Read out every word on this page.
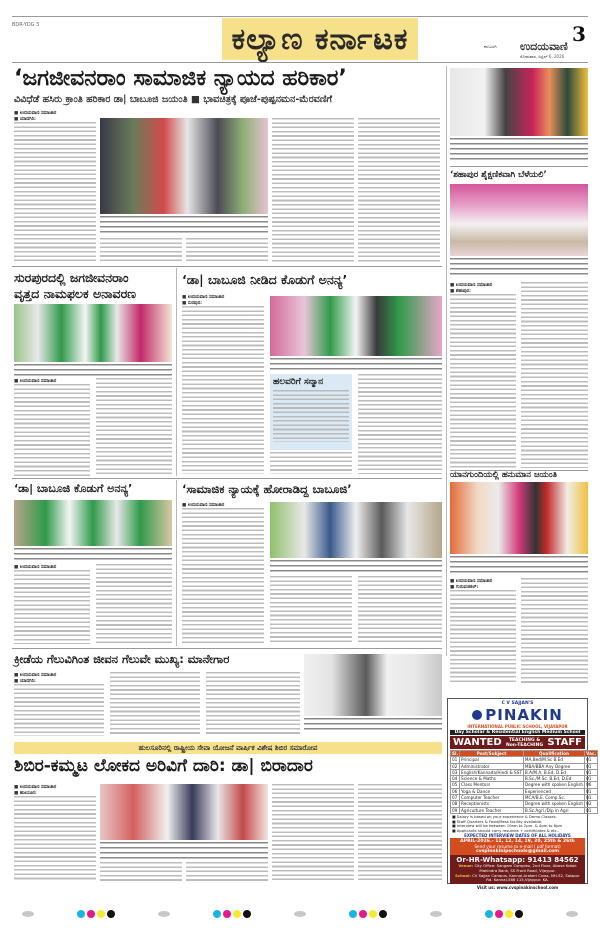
BDR-YDG 3	ಕಲ್ಯಾಣ ಕರ್ನಾಟಕ	3
ಕಲಬುರಗಿ ಉದಯವಾಣಿ
ಸೋಮವಾರ, ಏಪ್ರಿಲ್ 6, 2026
‘ಜಗಜೀವನರಾಂ ಸಾಮಾಜಿಕ ನ್ಯಾಯದ ಹರಿಕಾರ’
ವಿವಿಧೆಡೆ ಹಸಿರು ಕ್ರಾಂತಿ ಹರಿಕಾರ ಡಾ| ಬಾಬೂಜಿ ಜಯಂತಿ ■ ಭಾವಚಿತ್ರಕ್ಕೆ ಪೂಜೆ-ಪುಷ್ಪನಮನ-ಮೆರವಣಿಗೆ
■ ಉದಯವಾಣಿ ಸಮಾಚಾರ
■ ಯಾದಗಿರಿ:
‘ಶಹಾಪುರ ಶೈಕ್ಷಣಿಕವಾಗಿ ಬೆಳೆಯಲಿ’
■ ಉದಯವಾಣಿ ಸಮಾಚಾರ
■ ಶಹಾಪುರ:
ಯಾನಗುಂದಿಯಲ್ಲಿ ಹನುಮಾನ ಜಯಂತಿ
■ ಉದಯವಾಣಿ ಸಮಾಚಾರ
■ ಗುರುಮಠಕಲ್:
ಸುರಪುರದಲ್ಲಿ ಜಗಜೀವನರಾಂ
ವೃತ್ತದ ನಾಮಫಲಕ ಅನಾವರಣ
■ ಉದಯವಾಣಿ ಸಮಾಚಾರ
‘ಡಾ| ಬಾಬೂಜಿ ನೀಡಿದ ಕೊಡುಗೆ ಅನನ್ಯ’
■ ಉದಯವಾಣಿ ಸಮಾಚಾರ
■ ಸುರಪುರ:
ಹಲವರಿಗೆ ಸನ್ಮಾನ
‘ಡಾ| ಬಾಬೂಜಿ ಕೊಡುಗೆ ಅನನ್ಯ’
■ ಉದಯವಾಣಿ ಸಮಾಚಾರ
‘ಸಾಮಾಜಿಕ ನ್ಯಾಯಕ್ಕೆ ಹೋರಾಡಿದ್ದ ಬಾಬೂಜಿ’
■ ಉದಯವಾಣಿ ಸಮಾಚಾರ
ಕ್ರೀಡೆಯ ಗೆಲುವಿಗಿಂತ ಜೀವನ ಗೆಲುವೇ ಮುಖ್ಯ: ಮಾನೇಗಾರ
■ ಉದಯವಾಣಿ ಸಮಾಚಾರ
■ ಯಾದಗಿರಿ:
ಹುಲಸೂರಿನಲ್ಲಿ ರಾಷ್ಟ್ರೀಯ ಸೇವಾ ಯೋಜನೆ ವಾರ್ಷಿಕ ವಿಶೇಷ ಶಿಬಿರ ಸಮಾರೋಪ
ಶಿಬಿರ-ಕಮ್ಮಟ ಲೋಕದ ಅರಿವಿಗೆ ದಾರಿ: ಡಾ| ಬಿರಾದಾರ
■ ಉದಯವಾಣಿ ಸಮಾಚಾರ
■ ಹುಲಸೂರ:
C V SAJJAN'S
PINAKIN
INTERNATIONAL PUBLIC SCHOOL, VIJAYAPUR
Day Scholar & Residential English Medium School
WANTED	TEACHING &
Non-TEACHING STAFF
Sl.	Post/Subject	Qualification	Vac.
01	Principal	MA,Bed/M.Sc B.Ed	01
02	Administrator	MBA/BBA Any Degree	01
03	English/Kannada/Hindi & SST	B.A/M.A, B.Ed, D.Ed	01
04	Science & Maths	B.Sc./M.Sc. B.Ed, D.Ed	01
05	Class Mentors	Degree with spoken English	06
06	Yoga & Dance	Experienced	01
07	Computer Teacher	MCA/B.E. Comp.Sc.	01
08	Receptionists	Degree with spoken English	02
09	Agriculture Teacher	B.Sc.Agri./Dip in Agri	01
■ Salary is based on your experience & Demo Classes.
■ Staff Quarters & Food/Mess facility available.
■ Interview will be between 10am to 2pm. & 4pm to 6pm
■ Applicants should carry resumes + certificates & etc..
EXPECTED INTERVIEW DATES OF ALL HOLIDAYS
APRIL-2026.- 11, 12, 14, 19, 20, 25th & 26th
Send your resume to e-mail ( pdf format)
cvspinakinipschools@gmail.com
Or-HR-Whatsapp: 91413 84562
Venue: City Office: Sangam Complex, 2nd Floor, Above Kotak Mahindra Bank, SS Front Road, Vijaypur.
School: CV Sajjan Campus, Kannal-Arakeri Cross, NH-52, Solapur Rd. Kannal-586 115,Vijaypur. KA.
Visit us: www.cvspinakinschool.com
